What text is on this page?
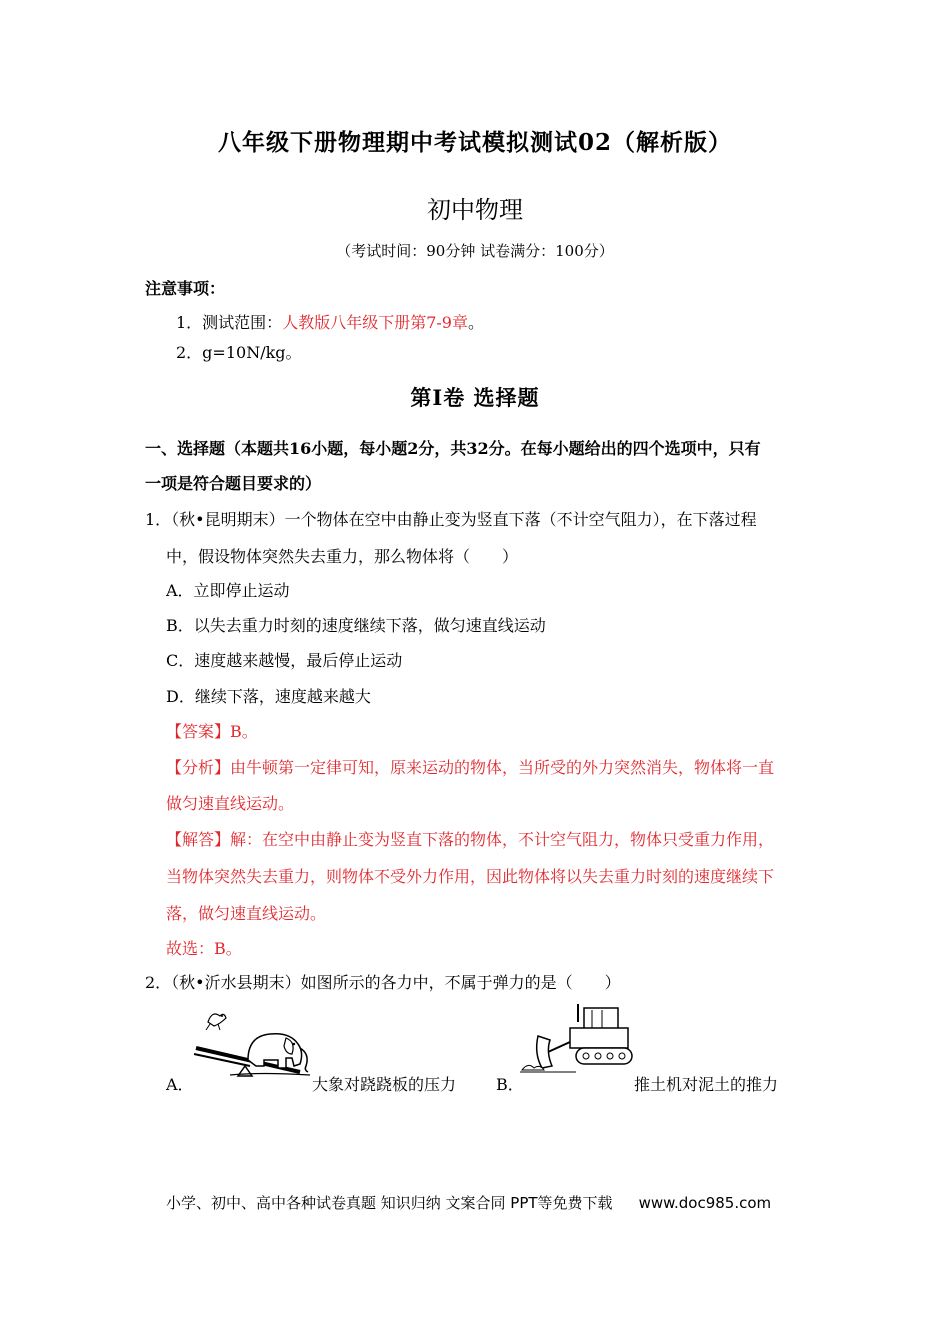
八年级下册物理期中考试模拟测试02（解析版）
初中物理
（考试时间：90分钟 试卷满分：100分）
注意事项：
1．测试范围：人教版八年级下册第7-9章。
2．g=10N/kg。
第Ⅰ卷 选择题
一、选择题（本题共16小题，每小题2分，共32分。在每小题给出的四个选项中，只有
一项是符合题目要求的）
1．（秋•昆明期末）一个物体在空中由静止变为竖直下落（不计空气阻力），在下落过程
中，假设物体突然失去重力，那么物体将（　　）
A．立即停止运动
B．以失去重力时刻的速度继续下落，做匀速直线运动
C．速度越来越慢，最后停止运动
D．继续下落，速度越来越大
【答案】B。
【分析】由牛顿第一定律可知，原来运动的物体，当所受的外力突然消失，物体将一直
做匀速直线运动。
【解答】解：在空中由静止变为竖直下落的物体，不计空气阻力，物体只受重力作用，
当物体突然失去重力，则物体不受外力作用，因此物体将以失去重力时刻的速度继续下
落，做匀速直线运动。
故选：B。
2．（秋•沂水县期末）如图所示的各力中，不属于弹力的是（　　）
A．	大象对跷跷板的压力 B．	推土机对泥土的推力
小学、初中、高中各种试卷真题 知识归纳 文案合同 PPT等免费下载 www.doc985.com
